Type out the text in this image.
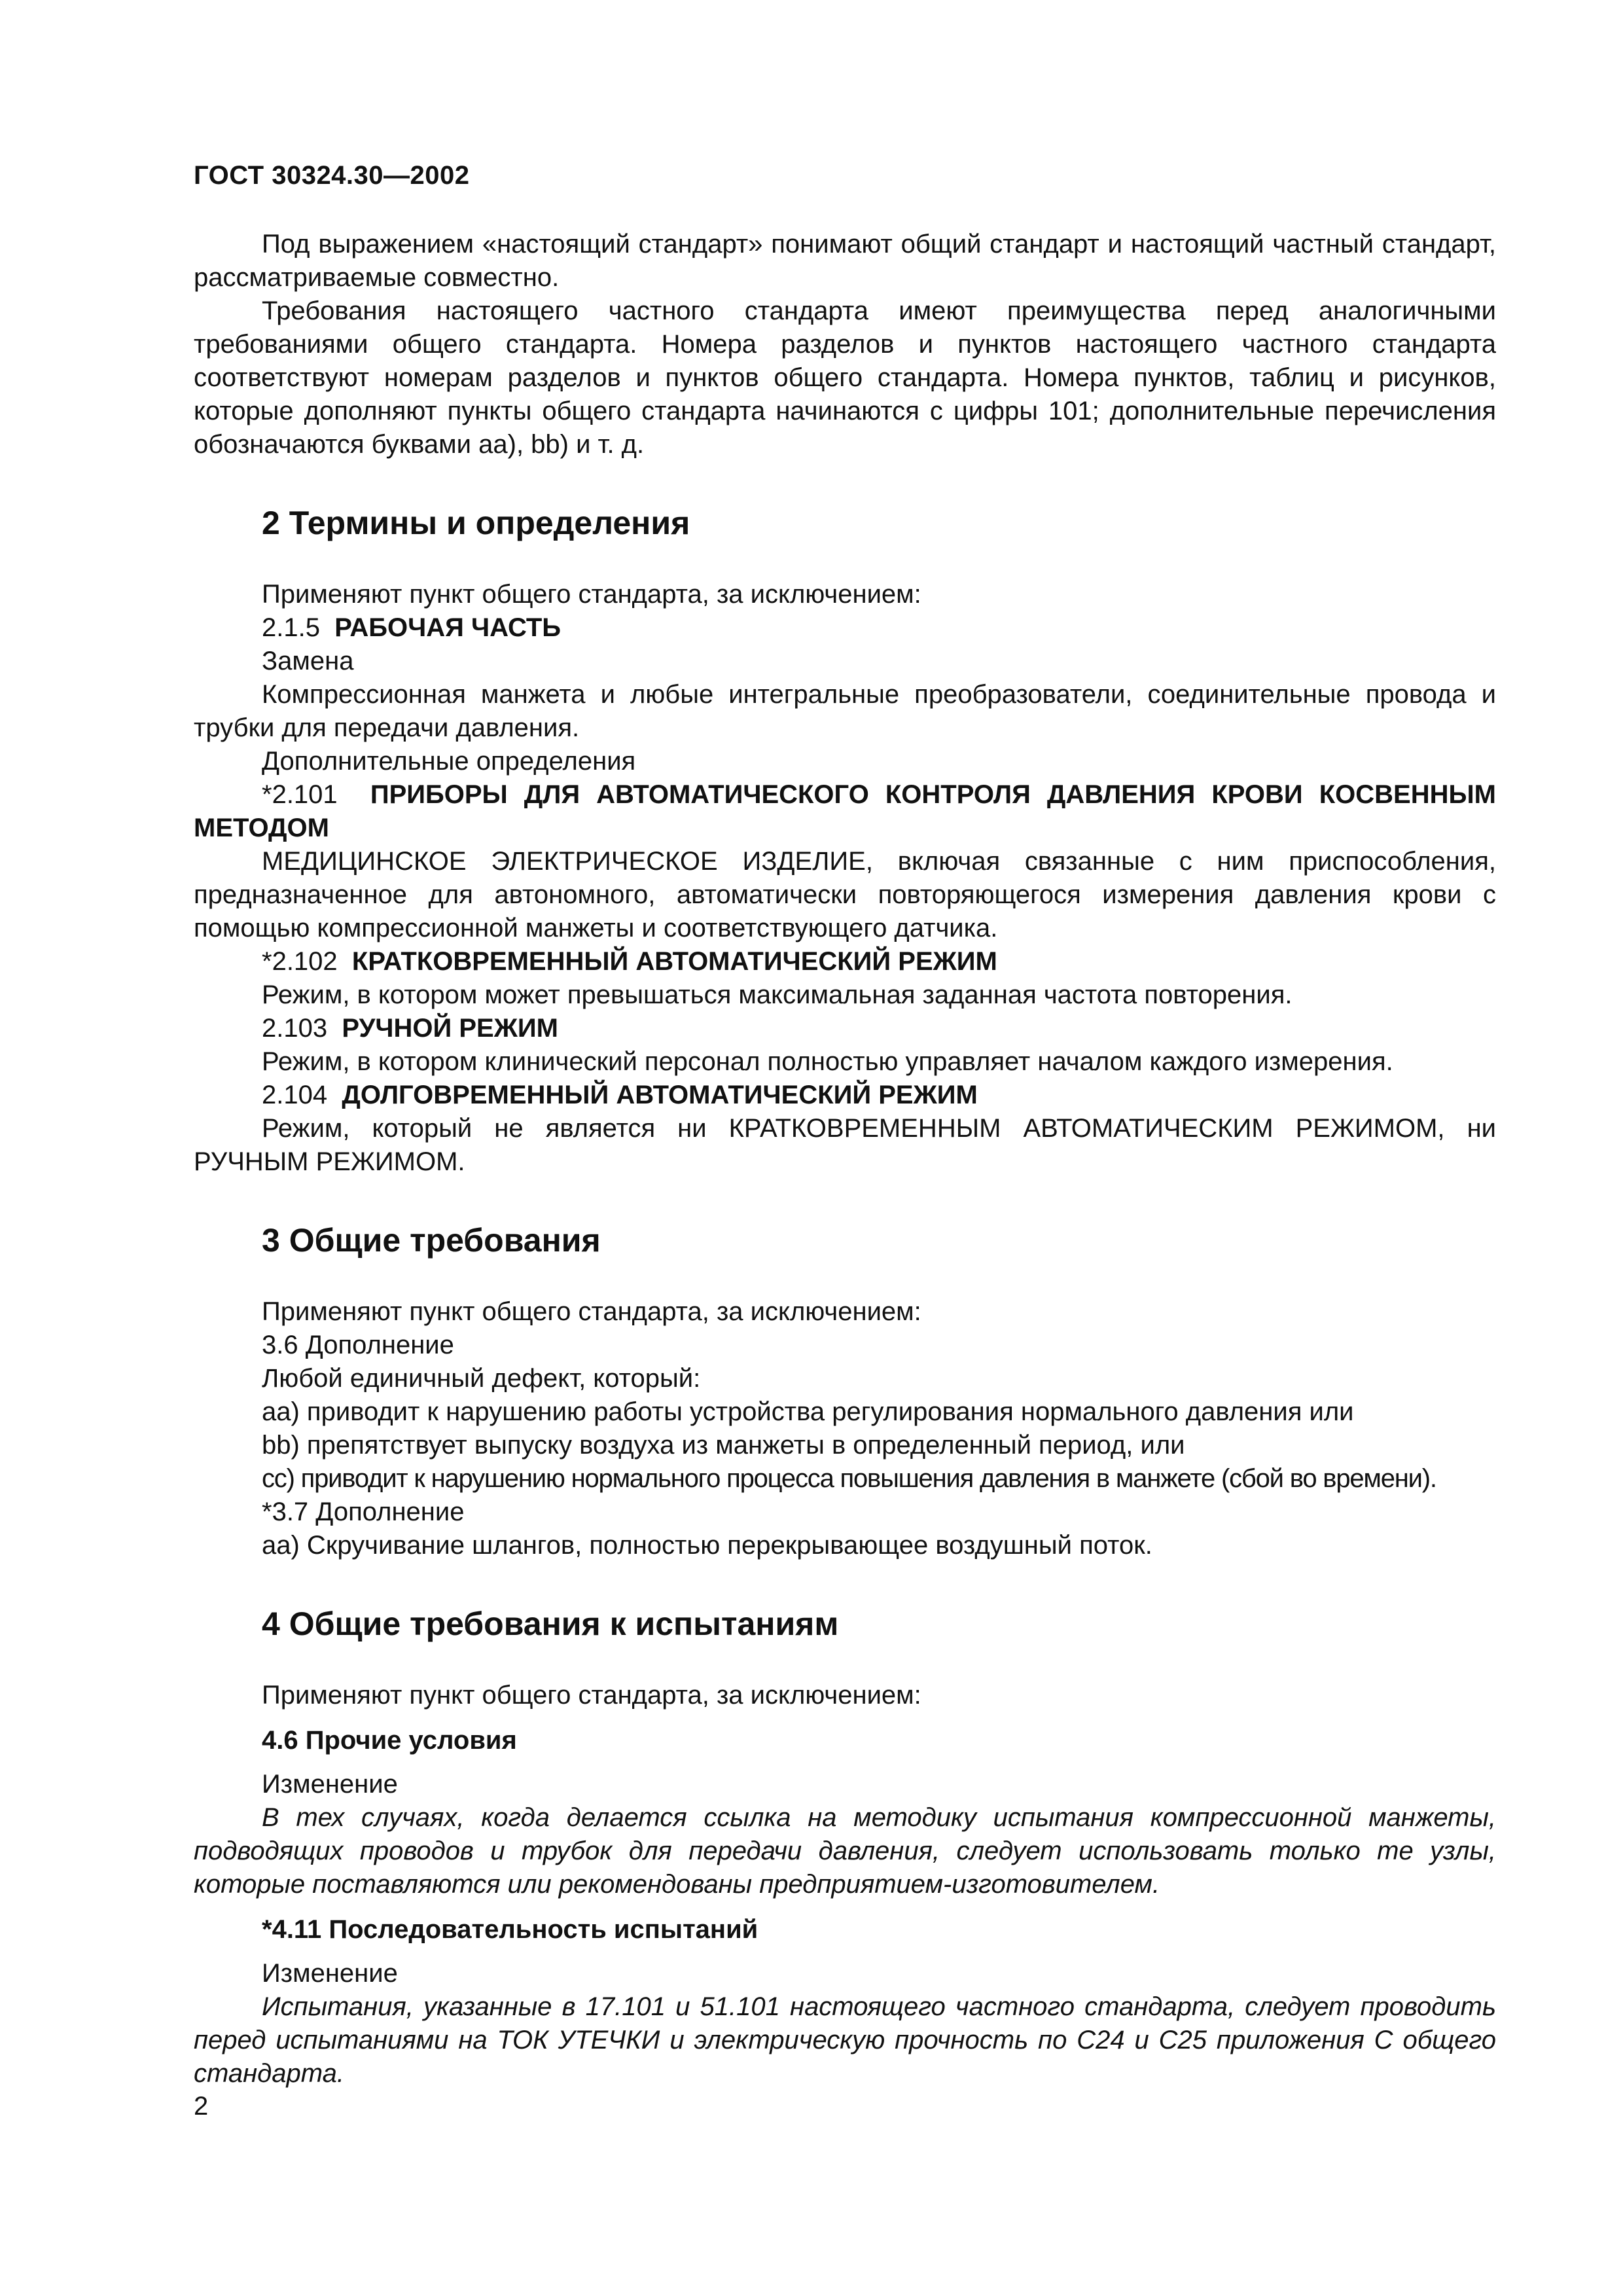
ГОСТ 30324.30—2002

Под выражением «настоящий стандарт» понимают общий стандарт и настоящий частный стандарт, рассматриваемые совместно.

Требования настоящего частного стандарта имеют преимущества перед аналогичными требованиями общего стандарта. Номера разделов и пунктов настоящего частного стандарта соответствуют номерам разделов и пунктов общего стандарта. Номера пунктов, таблиц и рисунков, которые дополняют пункты общего стандарта начинаются с цифры 101; дополнительные перечисления обозначаются буквами aa), bb) и т. д.

2 Термины и определения

Применяют пункт общего стандарта, за исключением:

2.1.5 РАБОЧАЯ ЧАСТЬ

Замена

Компрессионная манжета и любые интегральные преобразователи, соединительные провода и трубки для передачи давления.

Дополнительные определения

*2.101 ПРИБОРЫ ДЛЯ АВТОМАТИЧЕСКОГО КОНТРОЛЯ ДАВЛЕНИЯ КРОВИ КОСВЕННЫМ МЕТОДОМ

МЕДИЦИНСКОЕ ЭЛЕКТРИЧЕСКОЕ ИЗДЕЛИЕ, включая связанные с ним приспособления, предназначенное для автономного, автоматически повторяющегося измерения давления крови с помощью компрессионной манжеты и соответствующего датчика.

*2.102 КРАТКОВРЕМЕННЫЙ АВТОМАТИЧЕСКИЙ РЕЖИМ

Режим, в котором может превышаться максимальная заданная частота повторения.

2.103 РУЧНОЙ РЕЖИМ

Режим, в котором клинический персонал полностью управляет началом каждого измерения.

2.104 ДОЛГОВРЕМЕННЫЙ АВТОМАТИЧЕСКИЙ РЕЖИМ

Режим, который не является ни КРАТКОВРЕМЕННЫМ АВТОМАТИЧЕСКИМ РЕЖИМОМ, ни РУЧНЫМ РЕЖИМОМ.

3 Общие требования

Применяют пункт общего стандарта, за исключением:

3.6 Дополнение

Любой единичный дефект, который:

aa) приводит к нарушению работы устройства регулирования нормального давления или

bb) препятствует выпуску воздуха из манжеты в определенный период, или

cc) приводит к нарушению нормального процесса повышения давления в манжете (сбой во времени).

*3.7 Дополнение

aa) Скручивание шлангов, полностью перекрывающее воздушный поток.

4 Общие требования к испытаниям

Применяют пункт общего стандарта, за исключением:

4.6 Прочие условия

Изменение

В тех случаях, когда делается ссылка на методику испытания компрессионной манжеты, подводящих проводов и трубок для передачи давления, следует использовать только те узлы, которые поставляются или рекомендованы предприятием-изготовителем.

*4.11 Последовательность испытаний

Изменение

Испытания, указанные в 17.101 и 51.101 настоящего частного стандарта, следует проводить перед испытаниями на ТОК УТЕЧКИ и электрическую прочность по С24 и С25 приложения С общего стандарта.

2
